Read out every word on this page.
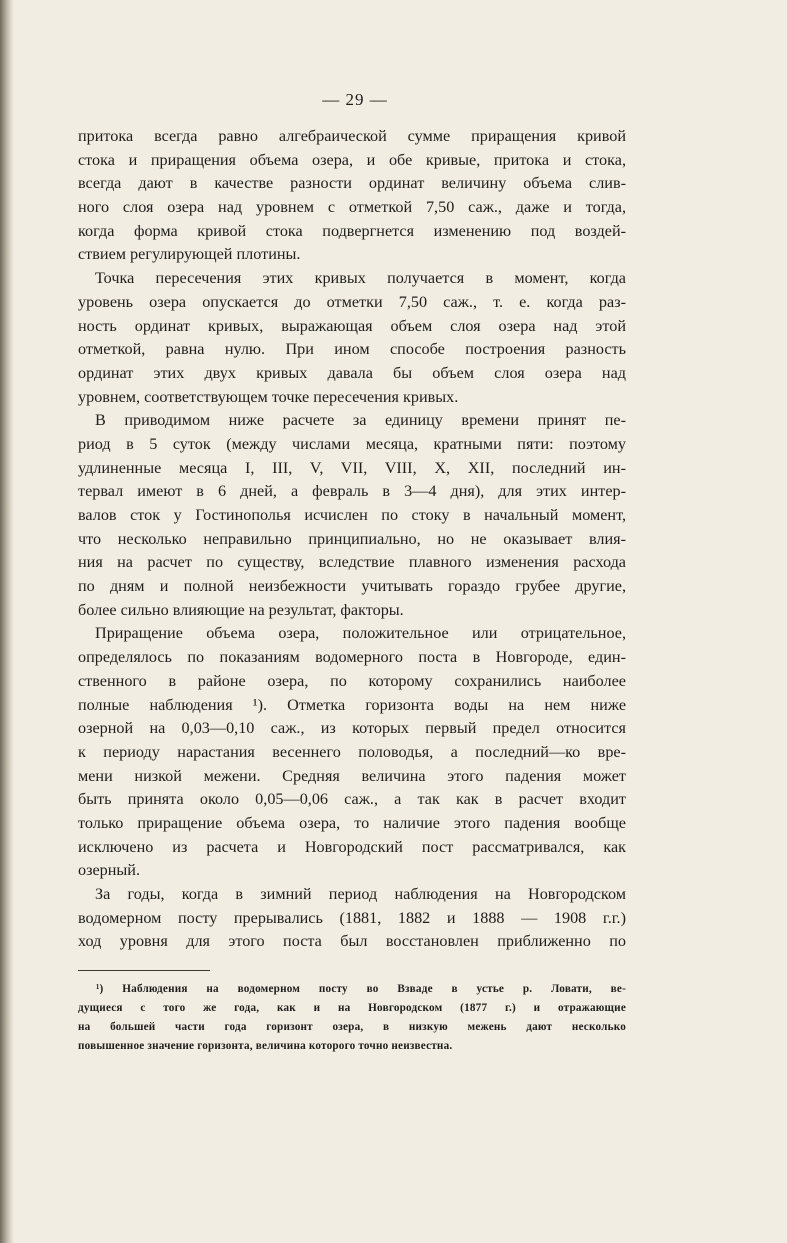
— 29 —

притока всегда равно алгебраической сумме приращения кривой
стока и приращения объема озера, и обе кривые, притока и стока,
всегда дают в качестве разности ординат величину объема слив-
ного слоя озера над уровнем с отметкой 7,50 саж., даже и тогда,
когда форма кривой стока подвергнется изменению под воздей-
ствием регулирующей плотины.

Точка пересечения этих кривых получается в момент, когда
уровень озера опускается до отметки 7,50 саж., т. е. когда раз-
ность ординат кривых, выражающая объем слоя озера над этой
отметкой, равна нулю. При ином способе построения разность
ординат этих двух кривых давала бы объем слоя озера над
уровнем, соответствующем точке пересечения кривых.

В приводимом ниже расчете за единицу времени принят пе-
риод в 5 суток (между числами месяца, кратными пяти: поэтому
удлиненные месяца I, III, V, VII, VIII, X, XII, последний ин-
тервал имеют в 6 дней, а февраль в 3—4 дня), для этих интер-
валов сток у Гостинополья исчислен по стоку в начальный момент,
что несколько неправильно принципиально, но не оказывает влия-
ния на расчет по существу, вследствие плавного изменения расхода
по дням и полной неизбежности учитывать гораздо грубее другие,
более сильно влияющие на результат, факторы.

Приращение объема озера, положительное или отрицательное,
определялось по показаниям водомерного поста в Новгороде, един-
ственного в районе озера, по которому сохранились наиболее
полные наблюдения ¹). Отметка горизонта воды на нем ниже
озерной на 0,03—0,10 саж., из которых первый предел относится
к периоду нарастания весеннего половодья, а последний—ко вре-
мени низкой межени. Средняя величина этого падения может
быть принята около 0,05—0,06 саж., а так как в расчет входит
только приращение объема озера, то наличие этого падения вообще
исключено из расчета и Новгородский пост рассматривался, как
озерный.

За годы, когда в зимний период наблюдения на Новгородском
водомерном посту прерывались (1881, 1882 и 1888 — 1908 г.г.)
ход уровня для этого поста был восстановлен приближенно по

¹) Наблюдения на водомерном посту во Взваде в устье р. Ловати, ве-
дущиеся с того же года, как и на Новгородском (1877 г.) и отражающие
на большей части года горизонт озера, в низкую межень дают несколько
повышенное значение горизонта, величина которого точно неизвестна.
